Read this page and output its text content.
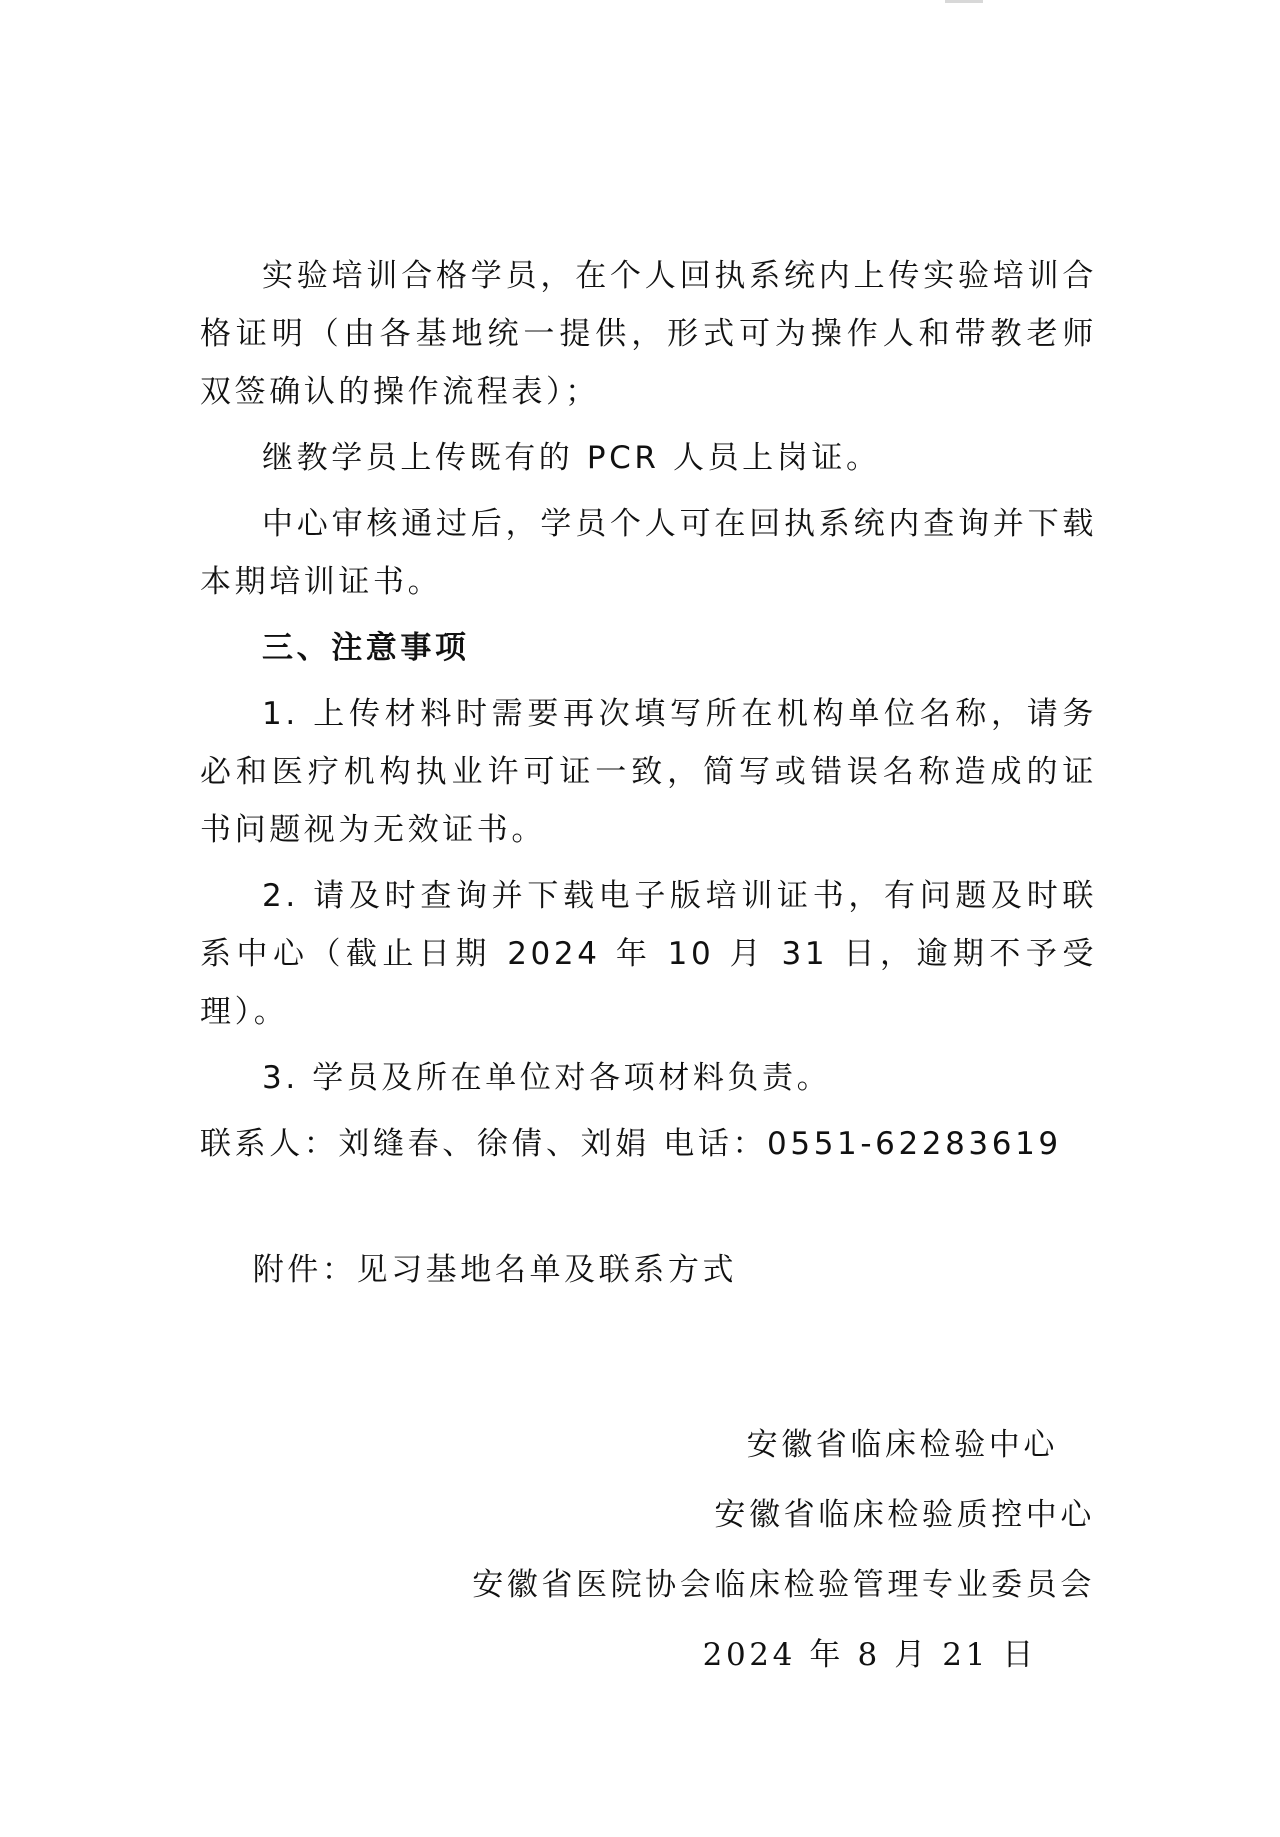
实验培训合格学员，在个人回执系统内上传实验培训合格证明（由各基地统一提供，形式可为操作人和带教老师双签确认的操作流程表）；

继教学员上传既有的 PCR 人员上岗证。

中心审核通过后，学员个人可在回执系统内查询并下载本期培训证书。

三、注意事项

1. 上传材料时需要再次填写所在机构单位名称，请务必和医疗机构执业许可证一致，简写或错误名称造成的证书问题视为无效证书。

2. 请及时查询并下载电子版培训证书，有问题及时联系中心（截止日期 2024 年 10 月 31 日，逾期不予受理）。

3. 学员及所在单位对各项材料负责。

联系人：刘缝春、徐倩、刘娟 电话：0551-62283619

附件：见习基地名单及联系方式

安徽省临床检验中心
安徽省临床检验质控中心
安徽省医院协会临床检验管理专业委员会
2024 年 8 月 21 日
